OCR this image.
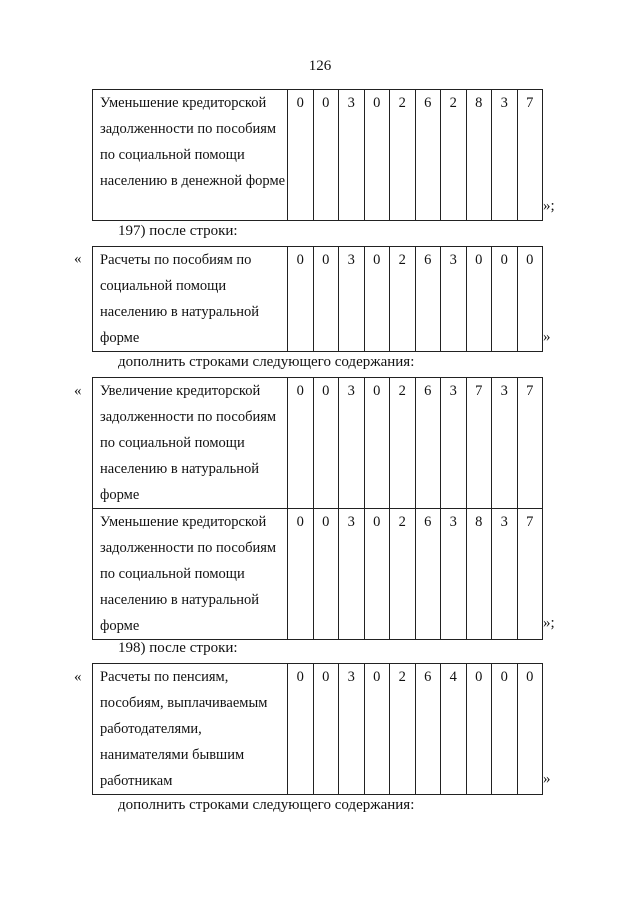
126
Уменьшение кредиторской задолженности по пособиям по социальной помощи населению в денежной форме	0	0	3	0	2	6	2	8	3	7
»;
197) после строки:
« Расчеты по пособиям по социальной помощи населению в натуральной форме	0	0	3	0	2	6	3	0	0	0
»
дополнить строками следующего содержания:
« Увеличение кредиторской задолженности по пособиям по социальной помощи населению в натуральной форме	0	0	3	0	2	6	3	7	3	7
Уменьшение кредиторской задолженности по пособиям по социальной помощи населению в натуральной форме	0	0	3	0	2	6	3	8	3	7
»;
198) после строки:
« Расчеты по пенсиям, пособиям, выплачиваемым работодателями, нанимателями бывшим работникам	0	0	3	0	2	6	4	0	0	0
»
дополнить строками следующего содержания:
